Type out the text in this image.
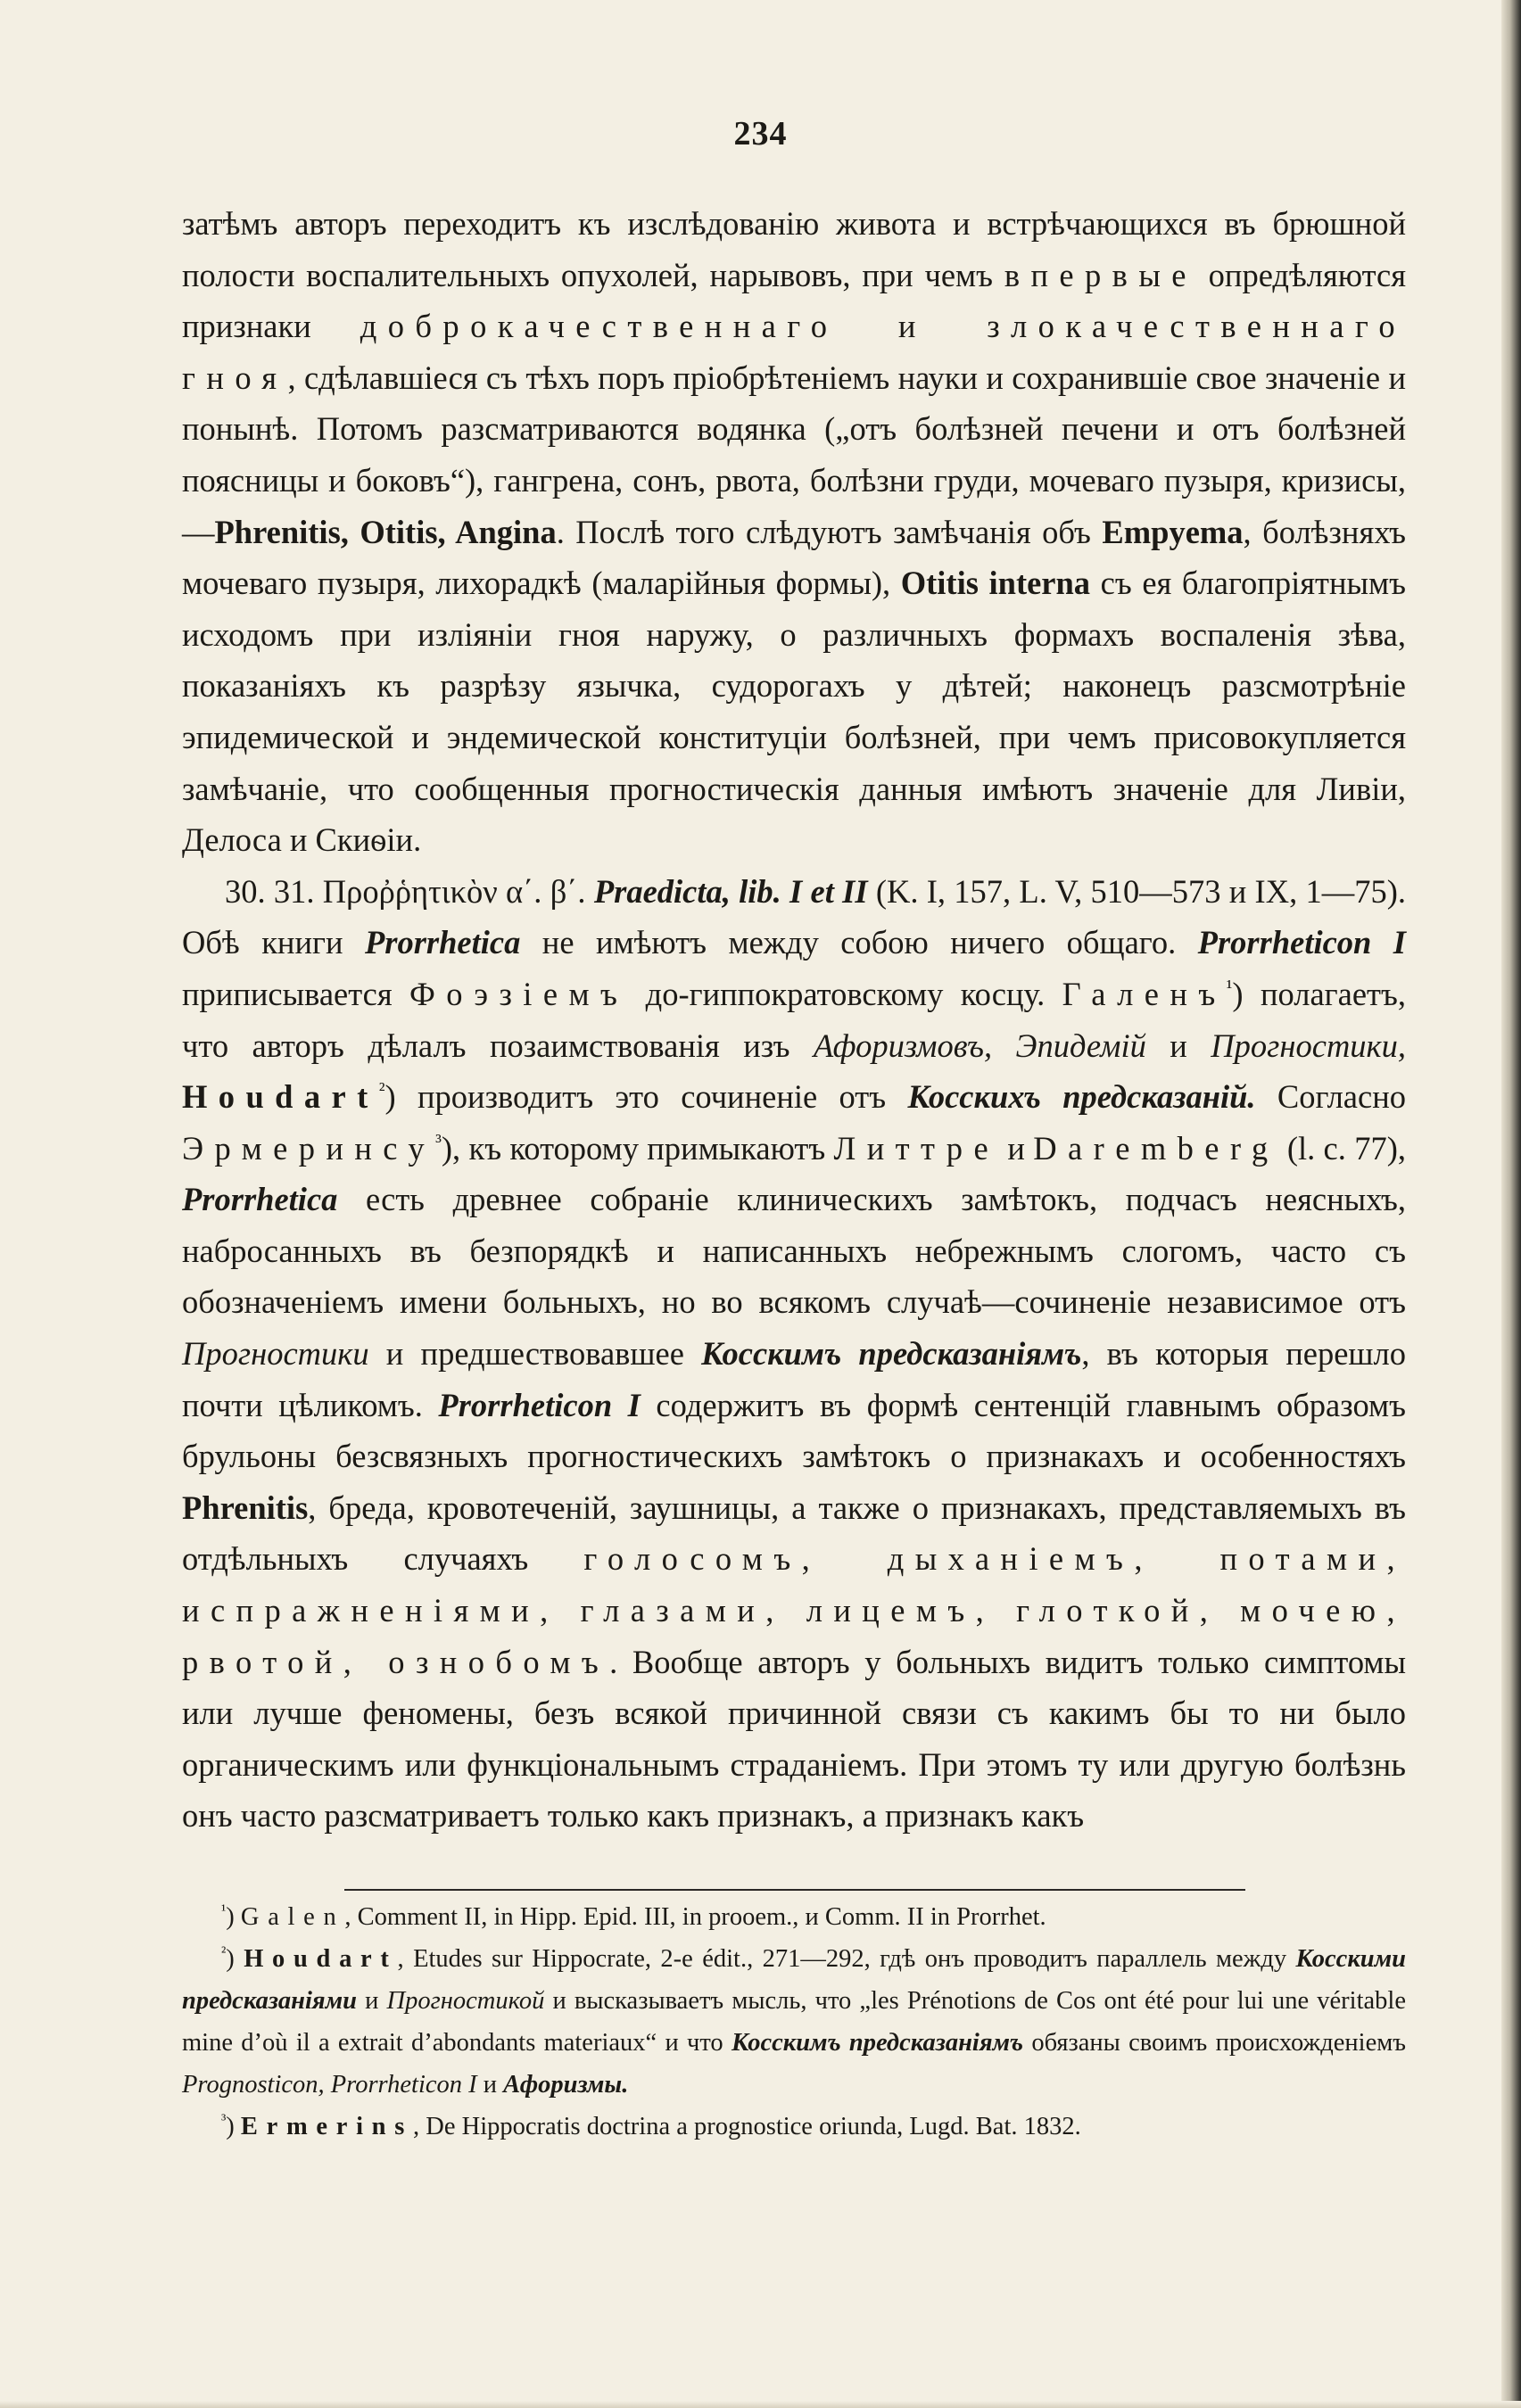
234

затѣмъ авторъ переходитъ къ изслѣдованію живота и встрѣчающихся въ брюшной полости воспалительныхъ опухолей, нарывовъ, при чемъ впервые опредѣляются признаки доброкачественнаго и злокачественнаго гноя, сдѣлавшіеся съ тѣхъ поръ пріобрѣтеніемъ науки и сохранившіе свое значеніе и понынѣ. Потомъ разсматриваются водянка („отъ болѣзней печени и отъ болѣзней поясницы и боковъ“), гангрена, сонъ, рвота, болѣзни груди, мочеваго пузыря, кризисы,—Phrenitis, Otitis, Angina. Послѣ того слѣдуютъ замѣчанія объ Empyema, болѣзняхъ мочеваго пузыря, лихорадкѣ (маларійныя формы), Otitis interna съ ея благопріятнымъ исходомъ при изліяніи гноя наружу, о различныхъ формахъ воспаленія зѣва, показаніяхъ къ разрѣзу язычка, судорогахъ у дѣтей; наконецъ разсмотрѣніе эпидемической и эндемической конституціи болѣзней, при чемъ присовокупляется замѣчаніе, что сообщенныя прогностическія данныя имѣютъ значеніе для Ливіи, Делоса и Скиѳіи.

30. 31. Προῤῥητικὸν α΄. β΄. Praedicta, lib. I et II (K. I, 157, L. V, 510—573 и IX, 1—75). Обѣ книги Prorrhetica не имѣютъ между собою ничего общаго. Prorrheticon I приписывается Фоэзіемъ до-гиппократовскому косцу. Галенъ$^{^1}$) полагаетъ, что авторъ дѣлалъ позаимствованія изъ Афоризмовъ, Эпидемій и Прогностики, Houdart$^{^2}$) производитъ это сочиненіе отъ Косскихъ предсказаній. Согласно Эрмеринсу$^{^3}$), къ которому примыкаютъ Литтре и Daremberg (l. c. 77), Prorrhetica есть древнее собраніе клиническихъ замѣтокъ, подчасъ неясныхъ, набросанныхъ въ безпорядкѣ и написанныхъ небрежнымъ слогомъ, часто съ обозначеніемъ имени больныхъ, но во всякомъ случаѣ—сочиненіе независимое отъ Прогностики и предшествовавшее Косскимъ предсказаніямъ, въ которыя перешло почти цѣликомъ. Prorrheticon I содержитъ въ формѣ сентенцій главнымъ образомъ брульоны безсвязныхъ прогностическихъ замѣтокъ о признакахъ и особенностяхъ Phrenitis, бреда, кровотеченій, заушницы, а также о признакахъ, представляемыхъ въ отдѣльныхъ случаяхъ голосомъ, дыханіемъ, потами, испражненіями, глазами, лицемъ, глоткой, мочею, рвотой, ознобомъ. Вообще авторъ у больныхъ видитъ только симптомы или лучше феномены, безъ всякой причинной связи съ какимъ бы то ни было органическимъ или функціональнымъ страданіемъ. При этомъ ту или другую болѣзнь онъ часто разсматриваетъ только какъ признакъ, а признакъ какъ

$^{^1}$) Galen, Comment II, in Hipp. Epid. III, in prooem., и Comm. II in Prorrhet.

$^{^2}$) Houdart, Etudes sur Hippocrate, 2-e édit., 271—292, гдѣ онъ проводитъ параллель между Косскими предсказаніями и Прогностикой и высказываетъ мысль, что „les Prénotions de Cos ont été pour lui une véritable mine d’où il a extrait d’abondants materiaux“ и что Косскимъ предсказаніямъ обязаны своимъ происхожденіемъ Prognosticon, Prorrheticon I и Афоризмы.

$^{^3}$) Ermerins, De Hippocratis doctrina a prognostice oriunda, Lugd. Bat. 1832.
